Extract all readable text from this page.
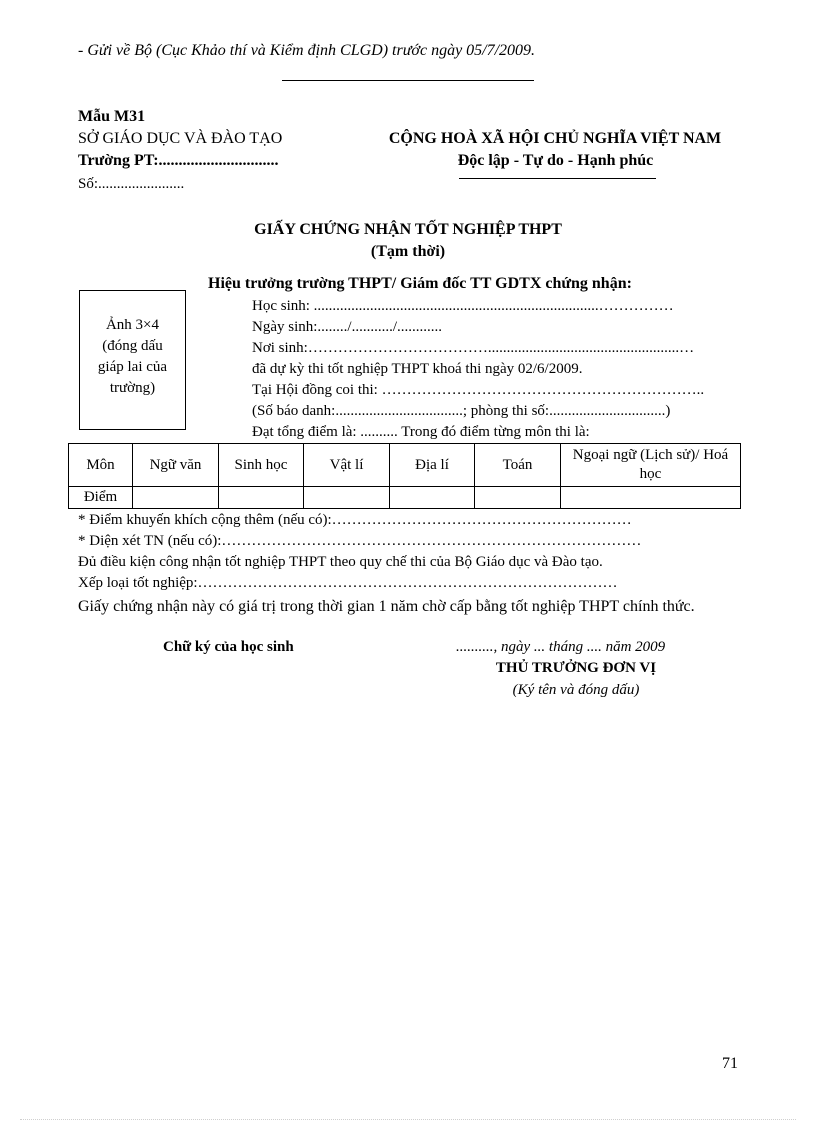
- Gửi về Bộ (Cục Khảo thí và Kiểm định CLGD) trước ngày 05/7/2009.
Mẫu M31
SỞ GIÁO DỤC VÀ ĐÀO TẠO
Trường PT:..............................
Số:.......................
CỘNG HOÀ XÃ HỘI CHỦ NGHĨA VIỆT NAM
Độc lập - Tự do - Hạnh phúc
GIẤY CHỨNG NHẬN TỐT NGHIỆP THPT
(Tạm thời)
Hiệu trưởng trường THPT/ Giám đốc TT GDTX chứng nhận:
Ảnh 3×4
(đóng dấu
giáp lai của
trường)
Học sinh: ............................................................................……………
Ngày sinh:......../.........../............
Nơi sinh:………………………………...................................................…
đã dự kỳ thi tốt nghiệp THPT khoá thi ngày 02/6/2009.
Tại Hội đồng coi thi: ………………………………………………………..
(Số báo danh:..................................; phòng thi số:...............................)
Đạt tổng điểm là: .......... Trong đó điểm từng môn thi là:
Môn	Ngữ văn	Sinh học	Vật lí	Địa lí	Toán	Ngoại ngữ (Lịch sử)/ Hoá học
Điểm						
* Điểm khuyến khích cộng thêm (nếu có):……………………………………………………
* Diện xét TN (nếu có):…………………………………………………………………………
Đủ điều kiện công nhận tốt nghiệp THPT theo quy chế thi của Bộ Giáo dục và Đào tạo.
Xếp loại tốt nghiệp:…………………………………………………………………………
Giấy chứng nhận này có giá trị trong thời gian 1 năm chờ cấp bằng tốt nghiệp THPT chính thức.
Chữ ký của học sinh	.........., ngày ... tháng .... năm 2009
THỦ TRƯỞNG ĐƠN VỊ
(Ký tên và đóng dấu)
71
